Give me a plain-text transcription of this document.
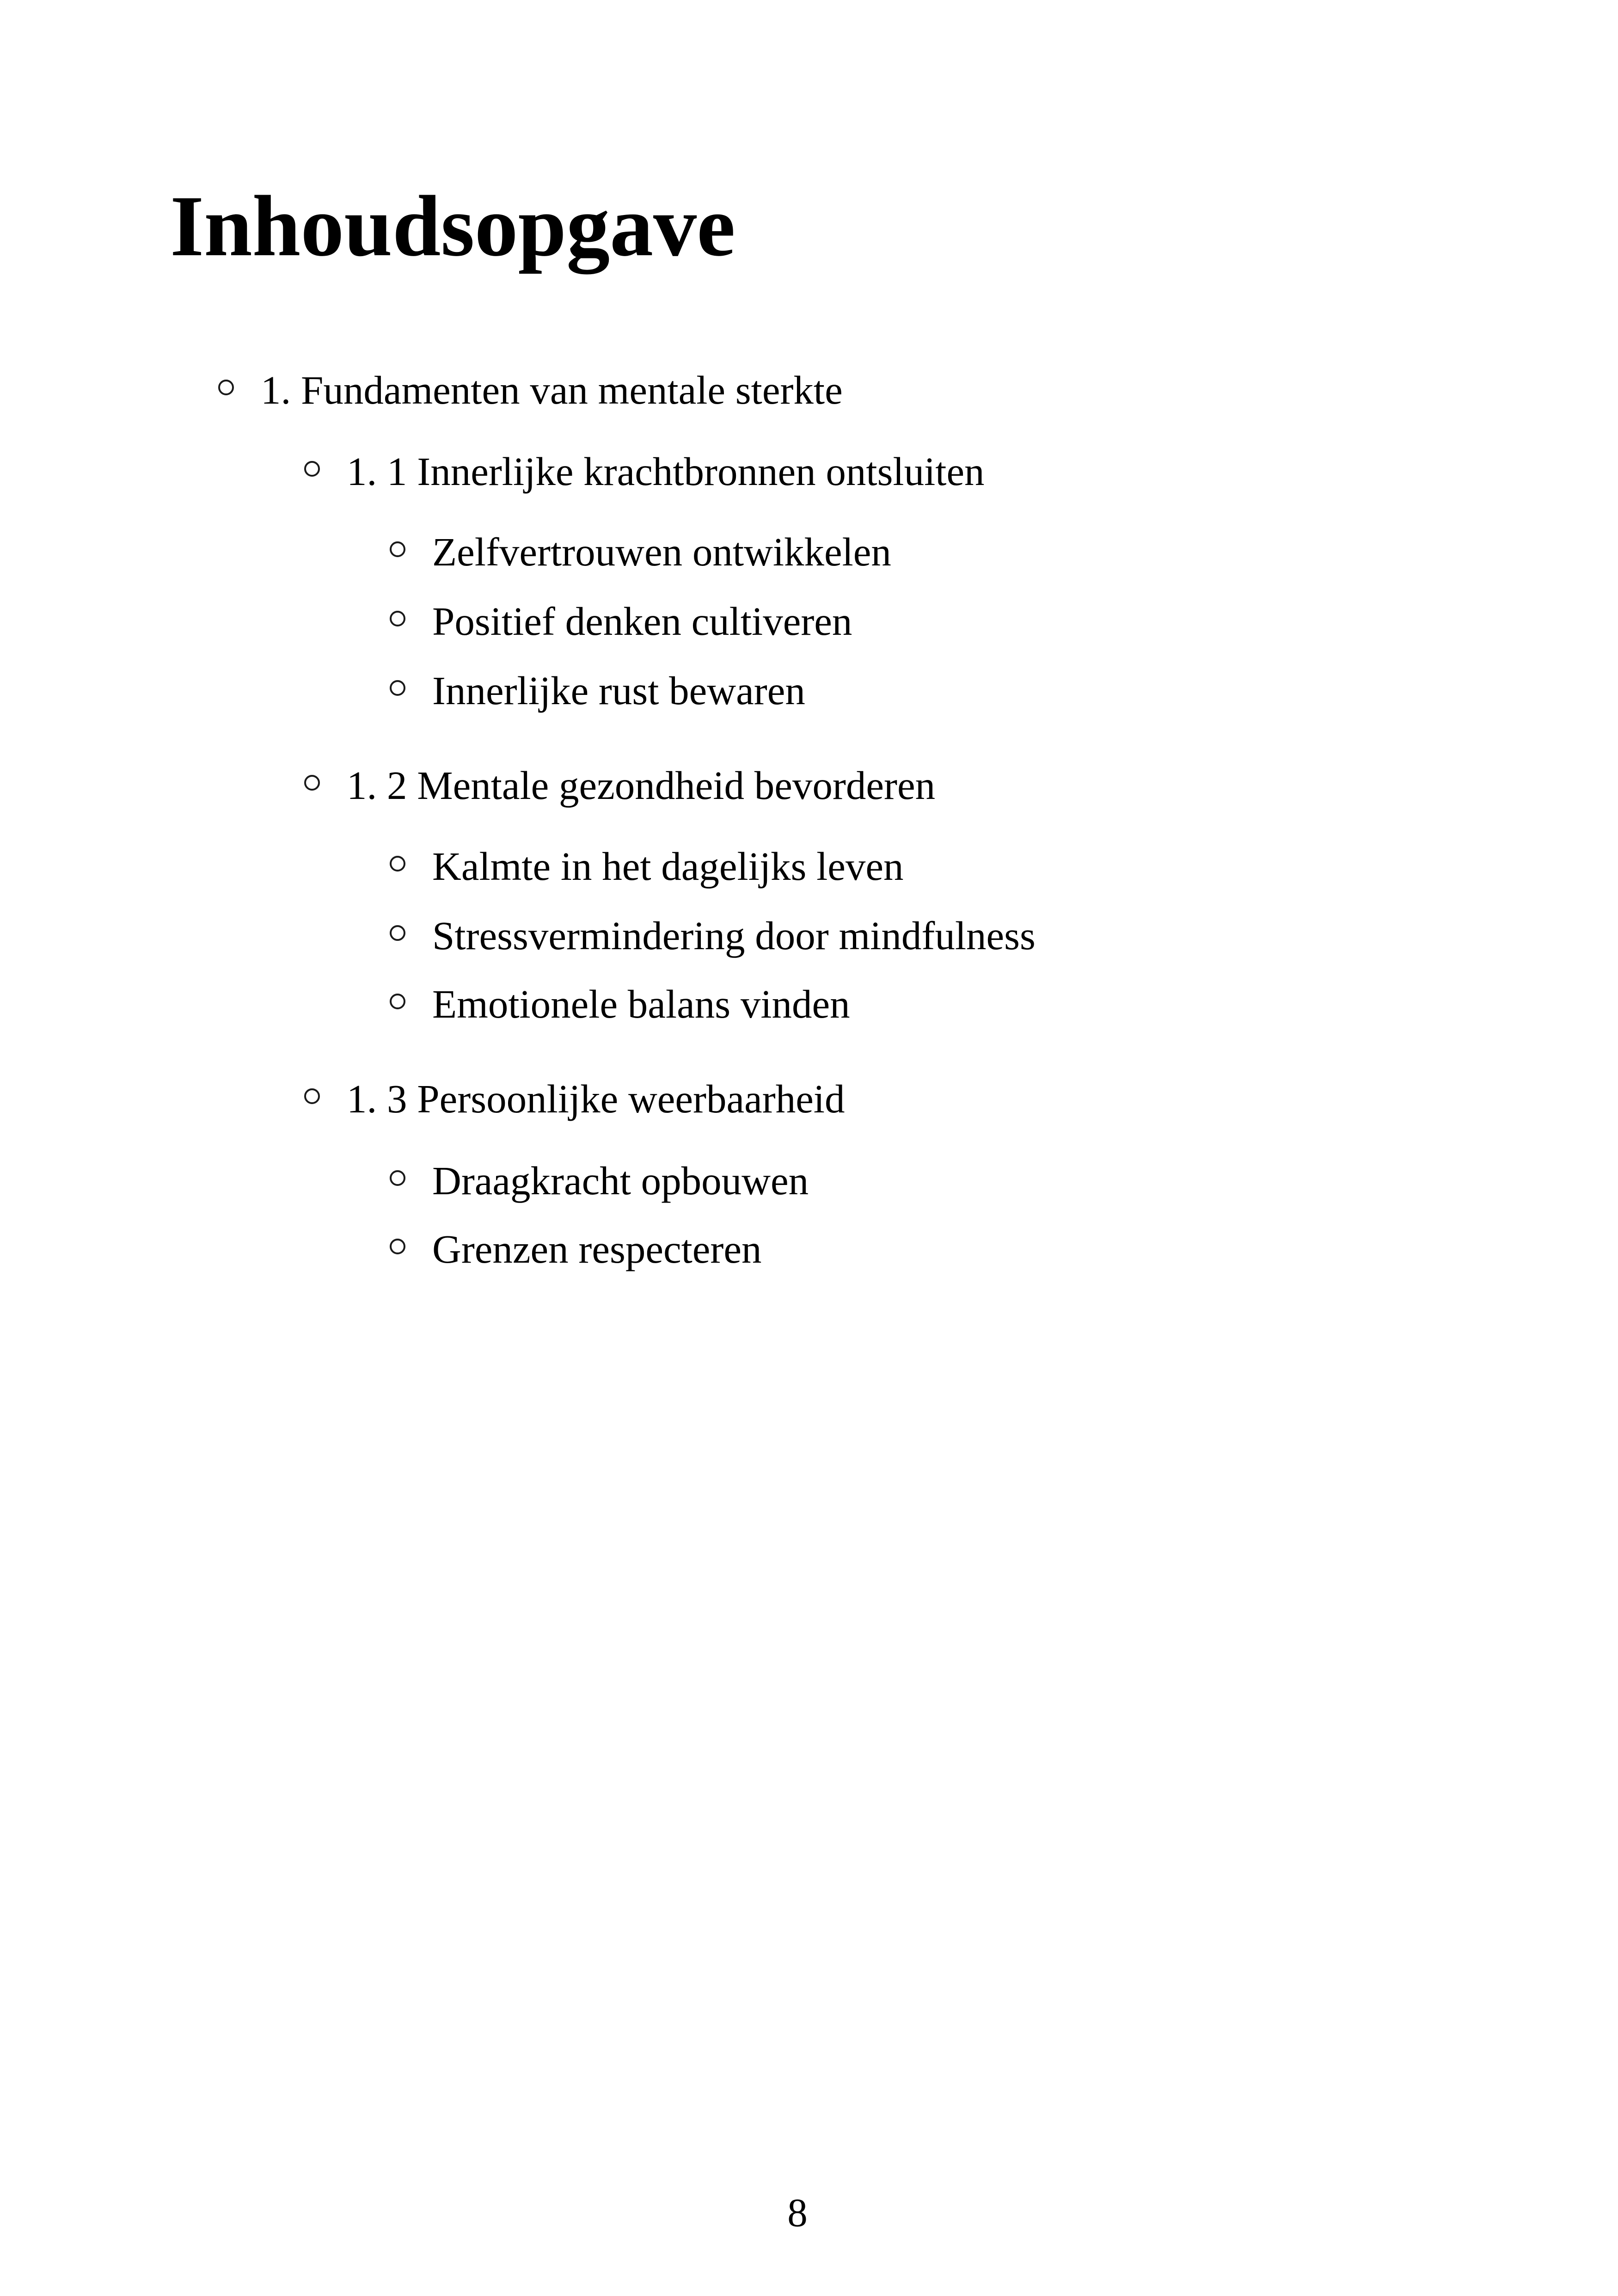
Inhoudsopgave
1. Fundamenten van mentale sterkte
1. 1 Innerlijke krachtbronnen ontsluiten
Zelfvertrouwen ontwikkelen
Positief denken cultiveren
Innerlijke rust bewaren
1. 2 Mentale gezondheid bevorderen
Kalmte in het dagelijks leven
Stressvermindering door mindfulness
Emotionele balans vinden
1. 3 Persoonlijke weerbaarheid
Draagkracht opbouwen
Grenzen respecteren
8
